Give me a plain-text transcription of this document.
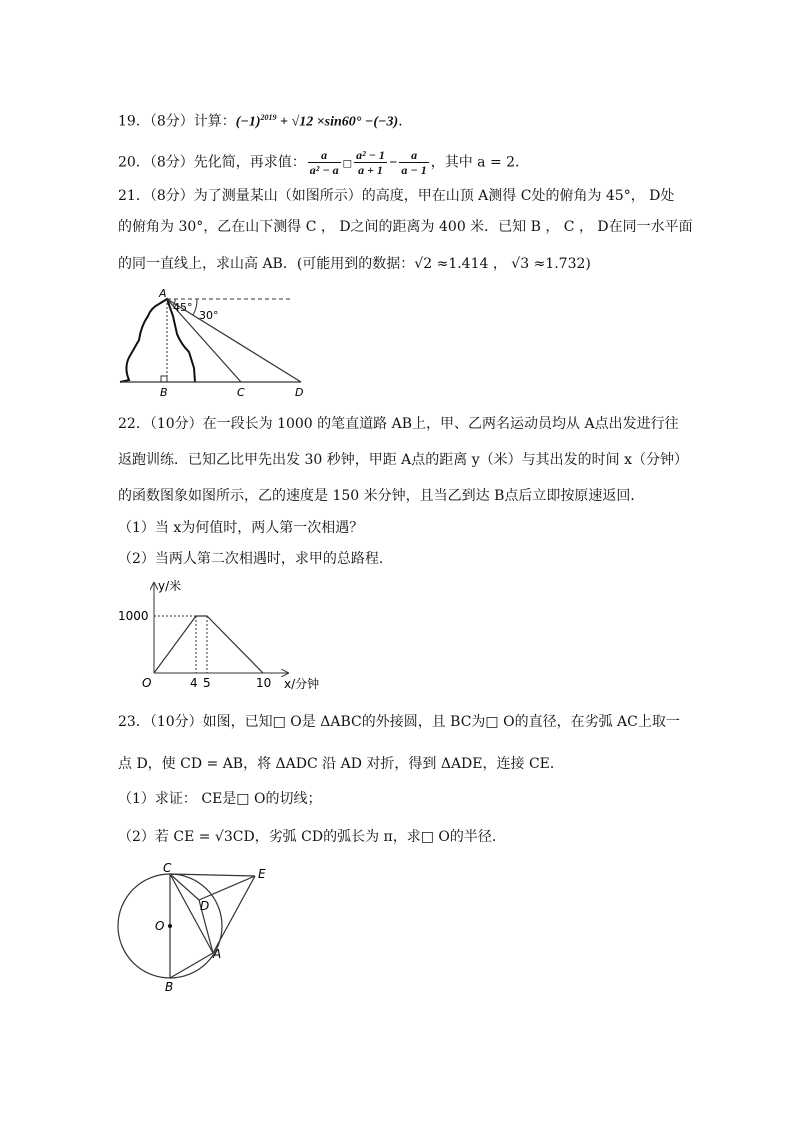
19．（8分）计算：$(-1)^{2019} + √12 \times\sin 60^\circ -(-3)$．
20．（8分）先化简，再求值： $\frac{a}{\text{a² − a}}$ □ $\frac{\text{a² − 1}}{a + 1} - \frac{a}{a - 1}$ ，其中 a = 2．
21．（8分）为了测量某山（如图所示）的高度，甲在山顶 A测得 C处的俯角为 45°， D处
的俯角为 30°，乙在山下测得 C ， D之间的距离为 400 米．已知 B ， C ， D在同一水平面
的同一直线上，求山高 AB．(可能用到的数据：√2 ≈1.414 ， √3 ≈1.732)
A
45°
30°
B	C	D
22．（10分）在一段长为 1000 的笔直道路 AB上，甲、乙两名运动员均从 A点出发进行往
返跑训练．已知乙比甲先出发 30 秒钟，甲距 A点的距离 y（米）与其出发的时间 x（分钟）
的函数图象如图所示，乙的速度是 150 米分钟，且当乙到达 B点后立即按原速返回．
（1）当 x为何值时，两人第一次相遇？
（2）当两人第二次相遇时，求甲的总路程．
y/米
1000
O	4 5	10 x/分钟
23．（10分）如图，已知□ O是 ΔABC的外接圆，且 BC为□ O的直径，在劣弧 AC上取一
点 D，使 CD = AB，将 ΔADC 沿 AD 对折，得到 ΔADE，连接 CE．
（1）求证： CE是□ O的切线；
（2）若 CE = √3CD，劣弧 CD的弧长为 π，求□ O的半径．
C	E
D
O
A
B
